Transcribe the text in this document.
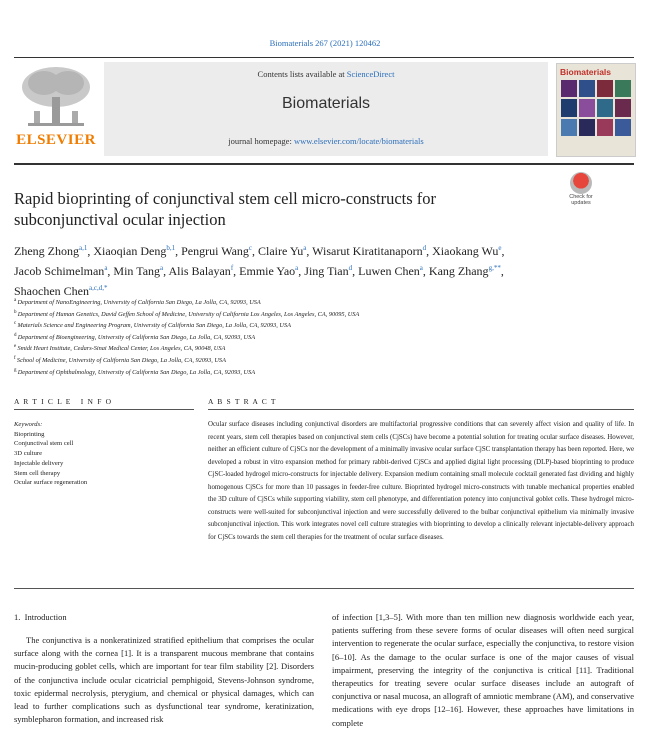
Biomaterials 267 (2021) 120462
ELSEVIER
Contents lists available at ScienceDirect
Biomaterials
journal homepage: www.elsevier.com/locate/biomaterials
Biomaterials
Check for updates
Rapid bioprinting of conjunctival stem cell micro-constructs for subconjunctival ocular injection
Zheng Zhong$^{a,1}$, Xiaoqian Deng$^{b,1}$, Pengrui Wang$^c$, Claire Yu$^a$, Wisarut Kiratitanaporn$^d$, Xiaokang Wu$^e$, Jacob Schimelman$^a$, Min Tang$^a$, Alis Balayan$^f$, Emmie Yao$^a$, Jing Tian$^d$, Luwen Chen$^a$, Kang Zhang$^{g,**}$, Shaochen Chen$^{a,c,d,*}$
$^a$ Department of NanoEngineering, University of California San Diego, La Jolla, CA, 92093, USA
$^b$ Department of Human Genetics, David Geffen School of Medicine, University of California Los Angeles, Los Angeles, CA, 90095, USA
$^c$ Materials Science and Engineering Program, University of California San Diego, La Jolla, CA, 92093, USA
$^d$ Department of Bioengineering, University of California San Diego, La Jolla, CA, 92093, USA
$^e$ Smidt Heart Institute, Cedars-Sinai Medical Center, Los Angeles, CA, 90048, USA
$^f$ School of Medicine, University of California San Diego, La Jolla, CA, 92093, USA
$^g$ Department of Ophthalmology, University of California San Diego, La Jolla, CA, 92093, USA
A R T I C L E   I N F O	A B S T R A C T
Keywords:
Bioprinting
Conjunctival stem cell
3D culture
Injectable delivery
Stem cell therapy
Ocular surface regeneration
Ocular surface diseases including conjunctival disorders are multifactorial progressive conditions that can severely affect vision and quality of life. In recent years, stem cell therapies based on conjunctival stem cells (CjSCs) have become a potential solution for treating ocular surface diseases. However, neither an efficient culture of CjSCs nor the development of a minimally invasive ocular surface CjSC transplantation therapy has been reported. Here, we developed a robust in vitro expansion method for primary rabbit-derived CjSCs and applied digital light processing (DLP)-based bioprinting to produce CjSC-loaded hydrogel micro-constructs for injectable delivery. Expansion medium containing small molecule cocktail generated fast dividing and highly homogenous CjSCs for more than 10 passages in feeder-free culture. Bioprinted hydrogel micro-constructs with tunable mechanical properties enabled the 3D culture of CjSCs while supporting viability, stem cell phenotype, and differentiation potency into conjunctival goblet cells. These hydrogel micro-constructs were well-suited for subconjunctival injection and were successfully delivered to the bulbar conjunctival epithelium via minimally invasive subconjunctival injection. This work integrates novel cell culture strategies with bioprinting to develop a clinically relevant injectable-delivery approach for CjSCs towards the stem cell therapies for the treatment of ocular surface diseases.
1.  Introduction
The conjunctiva is a nonkeratinized stratified epithelium that comprises the ocular surface along with the cornea [1]. It is a transparent mucous membrane that contains mucin-producing goblet cells, which are important for tear film stability [2]. Disorders of the conjunctiva include ocular cicatricial pemphigoid, Stevens-Johnson syndrome, toxic epidermal necrolysis, pterygium, and chemical or physical damages, which can lead to further complications such as dysfunctional tear syndrome, keratinization, symblepharon formation, and increased risk
of infection [1,3–5]. With more than ten million new diagnosis worldwide each year, patients suffering from these severe forms of ocular diseases will often need surgical intervention to regenerate the ocular surface, especially the conjunctiva, to restore vision [6–10]. As the damage to the ocular surface is one of the major causes of visual impairment, preserving the integrity of the conjunctiva is critical [11]. Traditional therapeutics for treating severe ocular surface diseases include an autograft of conjunctiva or nasal mucosa, an allograft of amniotic membrane (AM), and conservative medications with eye drops [12–16]. However, these approaches have limitations in complete
